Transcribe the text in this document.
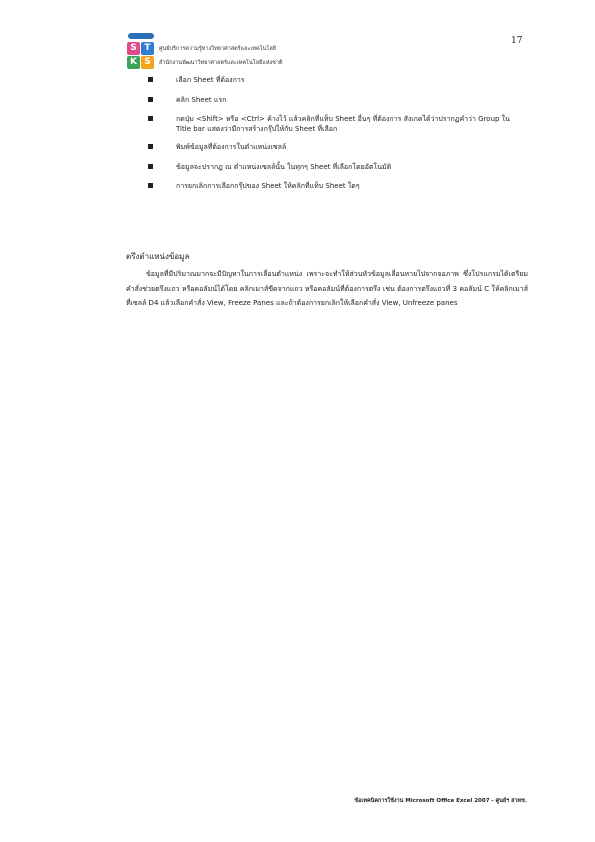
17
S T
K S
ศูนย์บริการความรู้ทางวิทยาศาสตร์และเทคโนโลยี
สำนักงานพัฒนาวิทยาศาสตร์และเทคโนโลยีแห่งชาติ
เลือก Sheet ที่ต้องการ
คลิก Sheet แรก
กดปุ่ม <Shift> หรือ <Ctrl> ค้างไว้ แล้วคลิกที่แท็บ Sheet อื่นๆ ที่ต้องการ สังเกตได้ว่าปรากฏคำว่า Group ใน Title bar แสดงว่ามีการสร้างกรุ๊ปให้กับ Sheet ที่เลือก
พิมพ์ข้อมูลที่ต้องการในตำแหน่งเซลล์
ข้อมูลจะปรากฏ ณ ตำแหน่งเซลล์นั้น ในทุกๆ Sheet ที่เลือกโดยอัตโนมัติ
การยกเลิกการเลือกกรุ๊ปของ Sheet ให้คลิกที่แท็บ Sheet ใดๆ
ตรึงตำแหน่งข้อมูล
ข้อมูลที่มีปริมาณมากจะมีปัญหาในการเลื่อนตำแหน่ง เพราะจะทำให้ส่วนหัวข้อมูลเลื่อนหายไปจากจอภาพ ซึ่งโปรแกรมได้เตรียมคำสั่งช่วยตรึงแถว หรือคอลัมน์ได้โดย คลิกเมาส์ขีดจากแถว หรือคอลัมน์ที่ต้องการตรึง เช่น ต้องการตรึงแถวที่ 3 คอลัมน์ C ให้คลิกเมาส์ที่เซลล์ D4 แล้วเลือกคำสั่ง View, Freeze Panes และถ้าต้องการยกเลิกให้เลือกคำสั่ง View, Unfreeze panes
ข้อเทคนิคการใช้งาน Microsoft Office Excel 2007 - ศูนย์ฯ สวทช.
